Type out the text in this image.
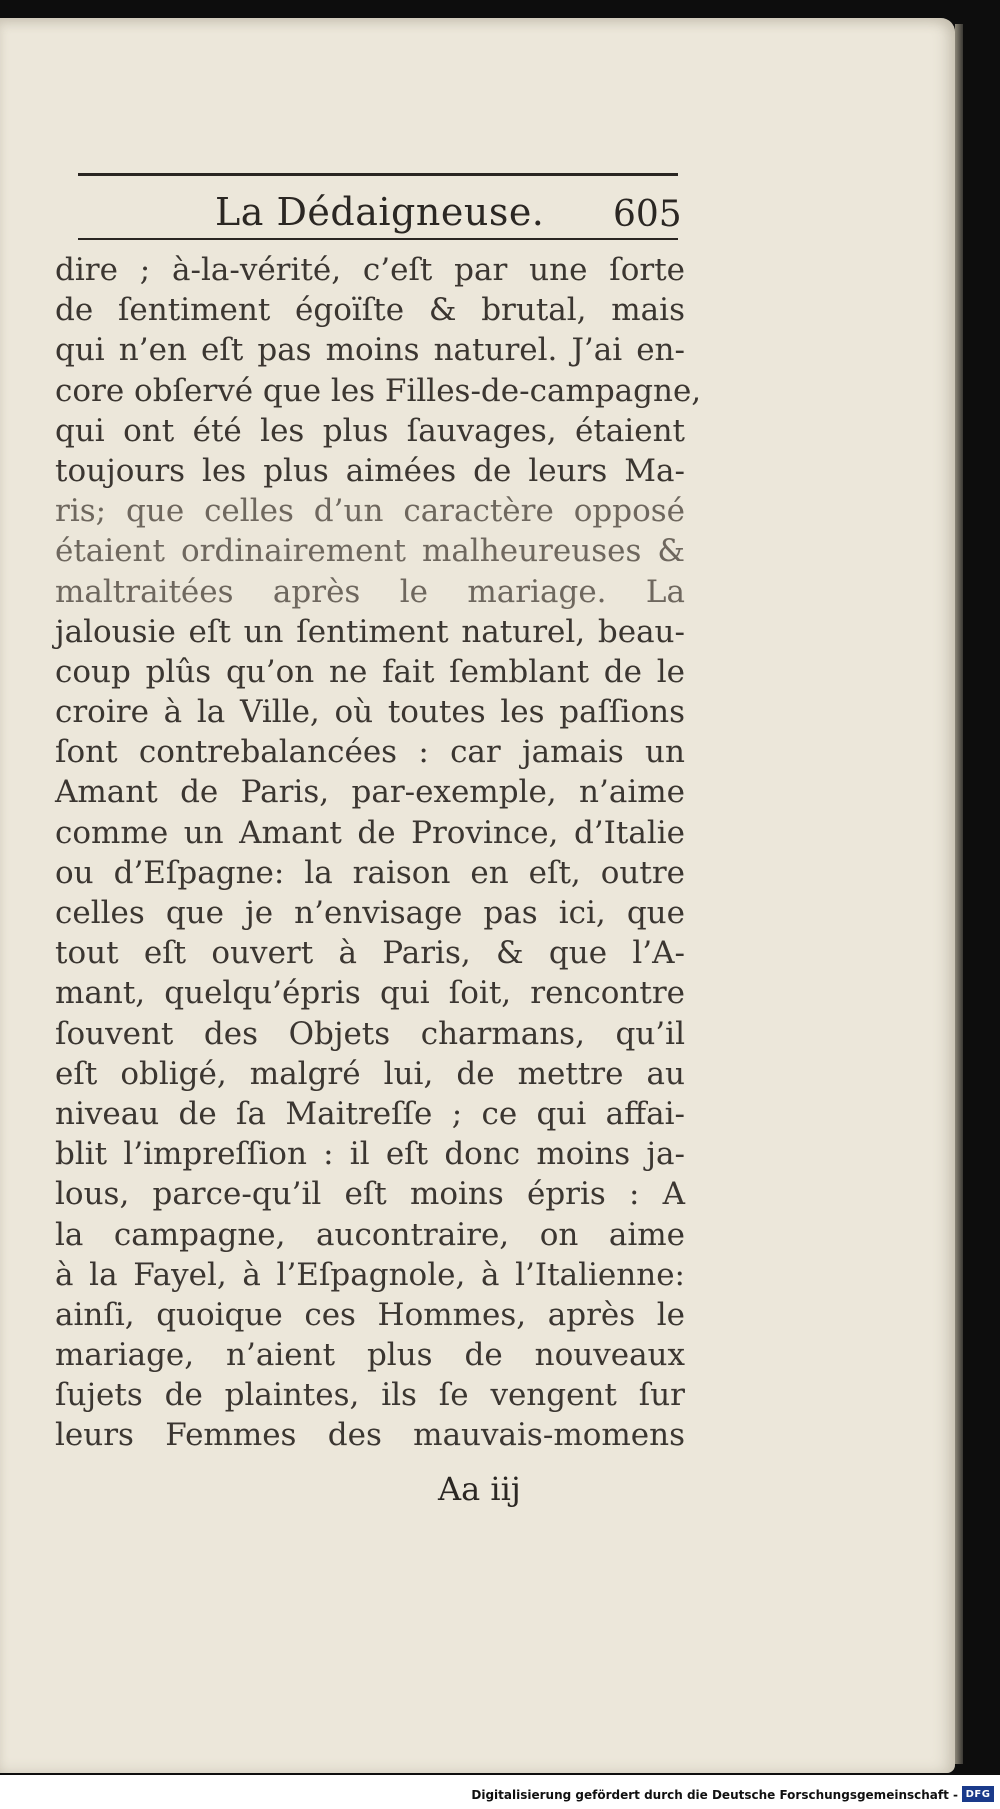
La Dédaigneuse. 605
dire ; à-la-vérité, c’eſt par une ſorte
de ſentiment égoïſte & brutal, mais
qui n’en eſt pas moins naturel. J’ai en-
core obſervé que les Filles-de-campagne,
qui ont été les plus ſauvages, étaient
toujours les plus aimées de leurs Ma-
ris; que celles d’un caractère opposé
étaient ordinairement malheureuses &
maltraitées après le mariage. La
jalousie eſt un ſentiment naturel, beau-
coup plûs qu’on ne fait ſemblant de le
croire à la Ville, où toutes les paſſions
ſont contrebalancées : car jamais un
Amant de Paris, par-exemple, n’aime
comme un Amant de Province, d’Italie
ou d’Eſpagne: la raison en eſt, outre
celles que je n’envisage pas ici, que
tout eſt ouvert à Paris, & que l’A-
mant, quelqu’épris qui ſoit, rencontre
ſouvent des Objets charmans, qu’il
eſt obligé, malgré lui, de mettre au
niveau de ſa Maitreſſe ; ce qui affai-
blit l’impreſſion : il eſt donc moins ja-
lous, parce-qu’il eſt moins épris : A
la campagne, aucontraire, on aime
à la Fayel, à l’Eſpagnole, à l’Italienne:
ainſi, quoique ces Hommes, après le
mariage, n’aient plus de nouveaux
ſujets de plaintes, ils ſe vengent ſur
leurs Femmes des mauvais-momens
Aa iij
Digitalisierung gefördert durch die Deutsche Forschungsgemeinschaft - DFG
